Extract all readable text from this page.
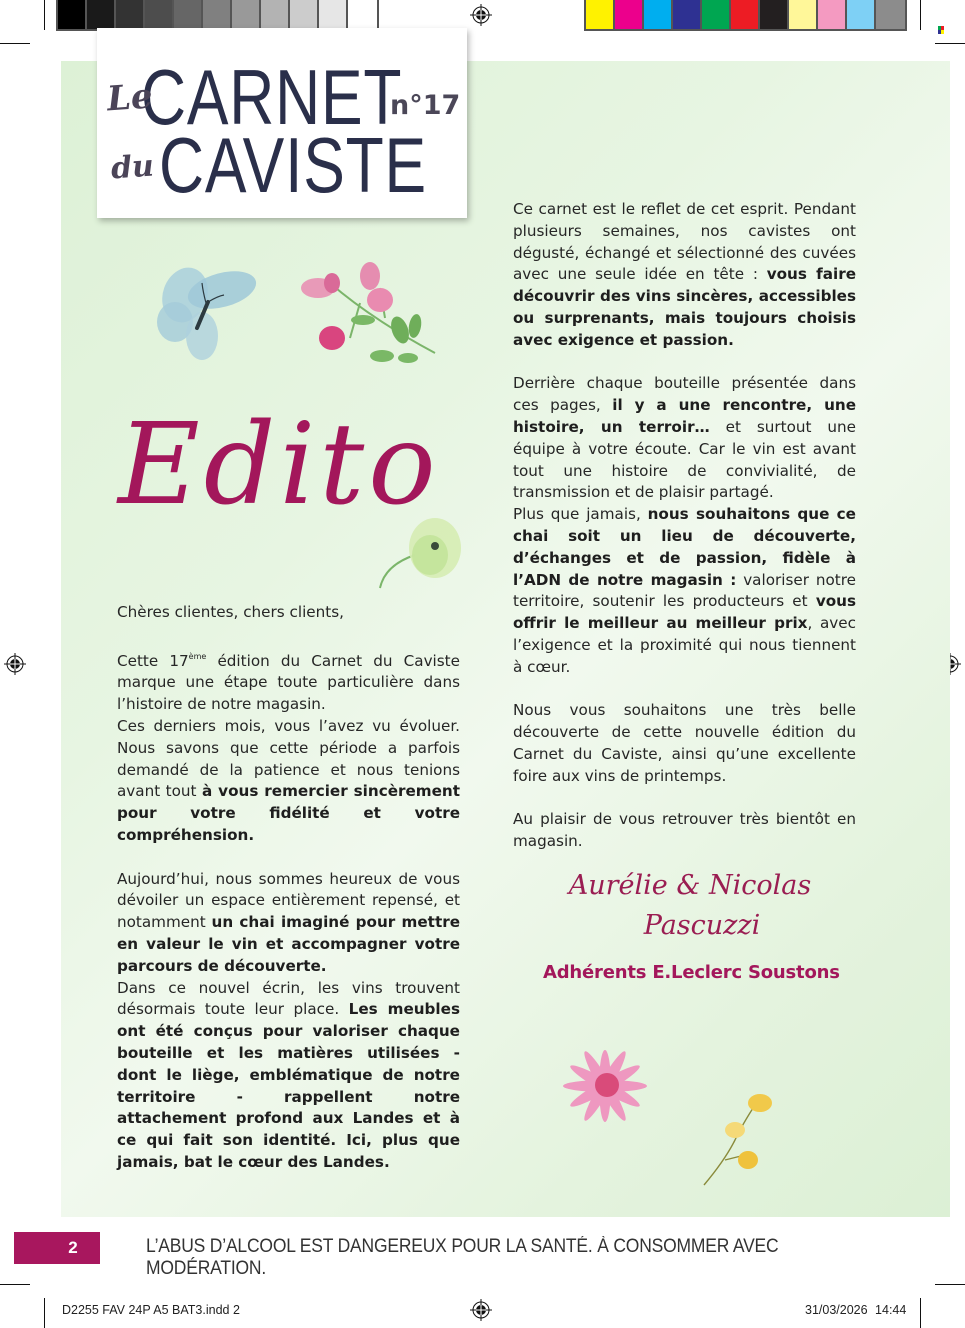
CARNET
CAVISTE
Le
du
n°17
Edito

Chères clientes, chers clients,

Cette 17ème édition du Carnet du Caviste marque une étape toute particulière dans l’histoire de notre magasin.

Ces derniers mois, vous l’avez vu évoluer. Nous savons que cette période a parfois demandé de la patience et nous tenions avant tout à vous remercier sincèrement pour votre fidélité et votre compréhension.

Aujourd’hui, nous sommes heureux de vous dévoiler un espace entièrement repensé, et notamment un chai imaginé pour mettre en valeur le vin et accompagner votre parcours de découverte.

Dans ce nouvel écrin, les vins trouvent désormais toute leur place. Les meubles ont été conçus pour valoriser chaque bouteille et les matières utilisées - dont le liège, emblématique de notre territoire - rappellent notre attachement profond aux Landes et à ce qui fait son identité. Ici, plus que jamais, bat le cœur des Landes.

Ce carnet est le reflet de cet esprit. Pendant plusieurs semaines, nos cavistes ont dégusté, échangé et sélectionné des cuvées avec une seule idée en tête : vous faire découvrir des vins sincères, accessibles ou surprenants, mais toujours choisis avec exigence et passion.

Derrière chaque bouteille présentée dans ces pages, il y a une rencontre, une histoire, un terroir… et surtout une équipe à votre écoute. Car le vin est avant tout une histoire de convivialité, de transmission et de plaisir partagé.

Plus que jamais, nous souhaitons que ce chai soit un lieu de découverte, d’échanges et de passion, fidèle à l’ADN de notre magasin : valoriser notre territoire, soutenir les producteurs et vous offrir le meilleur au meilleur prix, avec l’exigence et la proximité qui nous tiennent à cœur.

Nous vous souhaitons une très belle découverte de cette nouvelle édition du Carnet du Caviste, ainsi qu’une excellente foire aux vins de printemps.

Au plaisir de vous retrouver très bientôt en magasin.

Aurélie & Nicolas
Pascuzzi
Adhérents E.Leclerc Soustons
2	L’ABUS D’ALCOOL EST DANGEREUX POUR LA SANTÉ. À CONSOMMER AVEC MODÉRATION.
D2255 FAV 24P A5 BAT3.indd 2	31/03/2026 14:44
